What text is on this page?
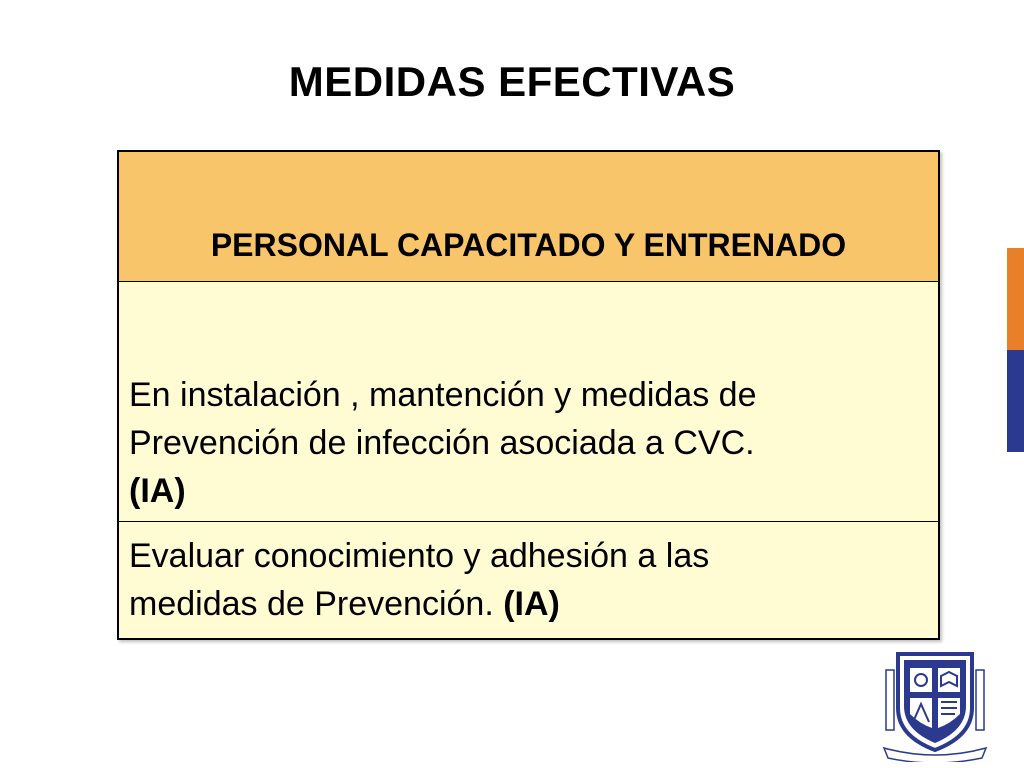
MEDIDAS EFECTIVAS
PERSONAL CAPACITADO Y ENTRENADO
En instalación , mantención y medidas de
Prevención de infección asociada a CVC.
(IA)
Evaluar conocimiento y adhesión a las
medidas de Prevención. (IA)
